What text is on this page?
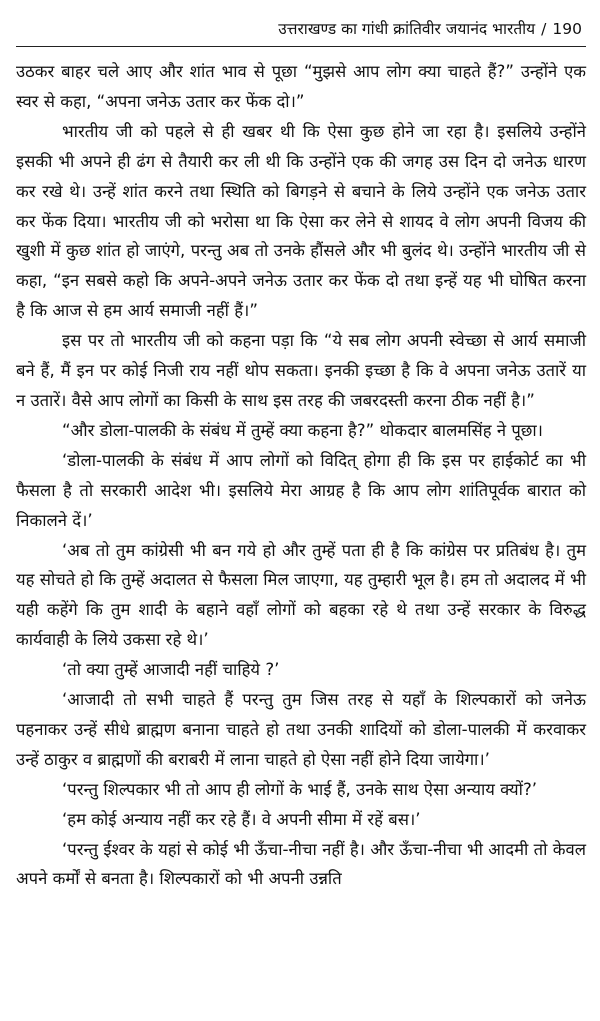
उत्तराखण्ड का गांधी क्रांतिवीर जयानंद भारतीय / 190

उठकर बाहर चले आए और शांत भाव से पूछा “मुझसे आप लोग क्या चाहते हैं?” उन्होंने एक स्वर से कहा, “अपना जनेऊ उतार कर फेंक दो।”

भारतीय जी को पहले से ही खबर थी कि ऐसा कुछ होने जा रहा है। इसलिये उन्होंने इसकी भी अपने ही ढंग से तैयारी कर ली थी कि उन्होंने एक की जगह उस दिन दो जनेऊ धारण कर रखे थे। उन्हें शांत करने तथा स्थिति को बिगड़ने से बचाने के लिये उन्होंने एक जनेऊ उतार कर फेंक दिया। भारतीय जी को भरोसा था कि ऐसा कर लेने से शायद वे लोग अपनी विजय की खुशी में कुछ शांत हो जाएंगे, परन्तु अब तो उनके हौंसले और भी बुलंद थे। उन्होंने भारतीय जी से कहा, “इन सबसे कहो कि अपने-अपने जनेऊ उतार कर फेंक दो तथा इन्हें यह भी घोषित करना है कि आज से हम आर्य समाजी नहीं हैं।”

इस पर तो भारतीय जी को कहना पड़ा कि “ये सब लोग अपनी स्वेच्छा से आर्य समाजी बने हैं, मैं इन पर कोई निजी राय नहीं थोप सकता। इनकी इच्छा है कि वे अपना जनेऊ उतारें या न उतारें। वैसे आप लोगों का किसी के साथ इस तरह की जबरदस्ती करना ठीक नहीं है।”

“और डोला-पालकी के संबंध में तुम्हें क्या कहना है?” थोकदार बालमसिंह ने पूछा।

‘डोला-पालकी के संबंध में आप लोगों को विदित् होगा ही कि इस पर हाईकोर्ट का भी फैसला है तो सरकारी आदेश भी। इसलिये मेरा आग्रह है कि आप लोग शांतिपूर्वक बारात को निकालने दें।’

‘अब तो तुम कांग्रेसी भी बन गये हो और तुम्हें पता ही है कि कांग्रेस पर प्रतिबंध है। तुम यह सोचते हो कि तुम्हें अदालत से फैसला मिल जाएगा, यह तुम्हारी भूल है। हम तो अदालद में भी यही कहेंगे कि तुम शादी के बहाने वहाँ लोगों को बहका रहे थे तथा उन्हें सरकार के विरुद्ध कार्यवाही के लिये उकसा रहे थे।’

‘तो क्या तुम्हें आजादी नहीं चाहिये ?’

‘आजादी तो सभी चाहते हैं परन्तु तुम जिस तरह से यहाँ के शिल्पकारों को जनेऊ पहनाकर उन्हें सीधे ब्राह्मण बनाना चाहते हो तथा उनकी शादियों को डोला-पालकी में करवाकर उन्हें ठाकुर व ब्राह्मणों की बराबरी में लाना चाहते हो ऐसा नहीं होने दिया जायेगा।’

‘परन्तु शिल्पकार भी तो आप ही लोगों के भाई हैं, उनके साथ ऐसा अन्याय क्यों?’

‘हम कोई अन्याय नहीं कर रहे हैं। वे अपनी सीमा में रहें बस।’

‘परन्तु ईश्वर के यहां से कोई भी ऊँचा-नीचा नहीं है। और ऊँचा-नीचा भी आदमी तो केवल अपने कर्मों से बनता है। शिल्पकारों को भी अपनी उन्नति
